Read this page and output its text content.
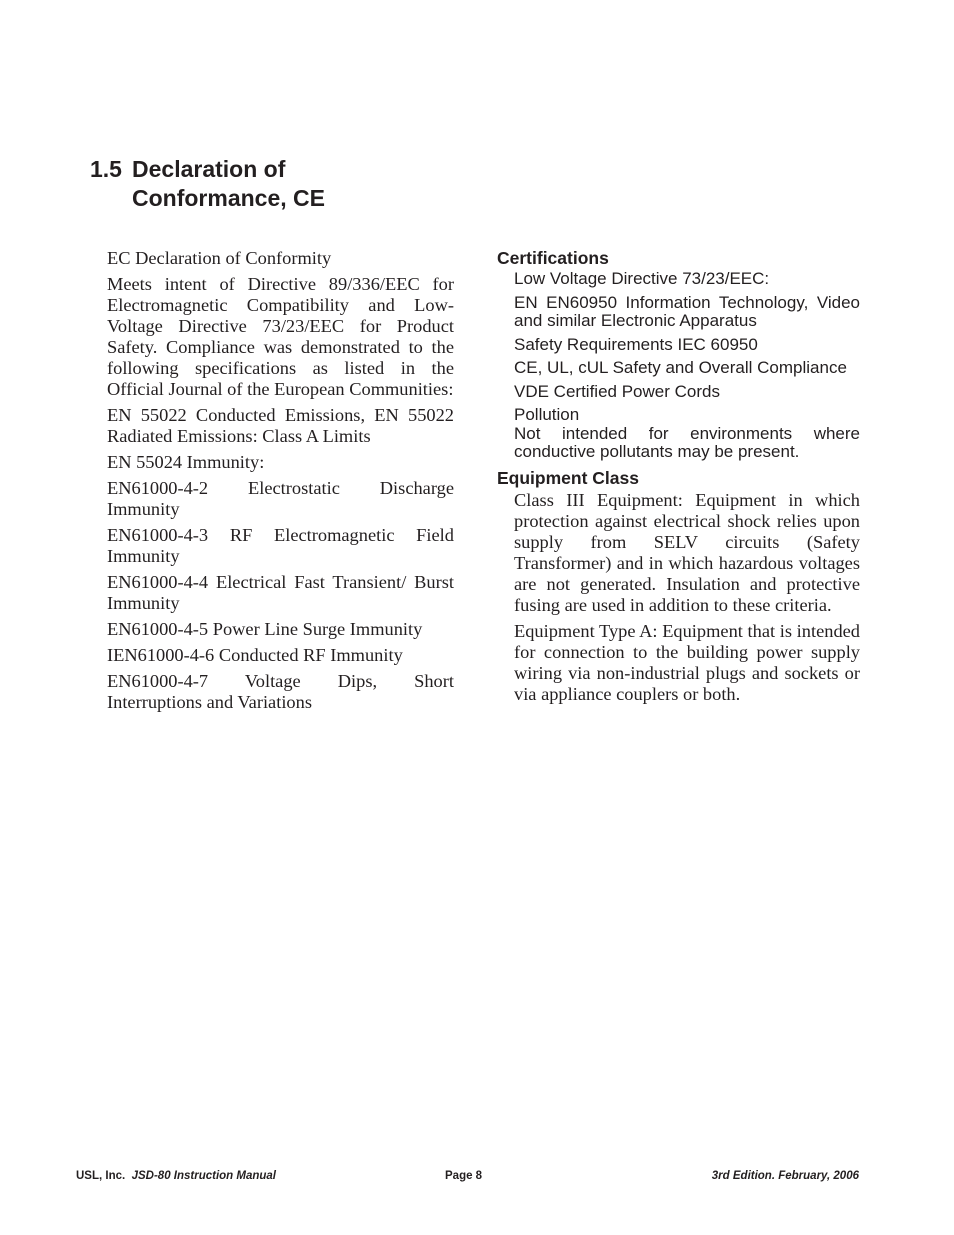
1.5 Declaration of
Conformance, CE

EC Declaration of Conformity

Meets intent of Directive 89/336/EEC for Electromagnetic Compatibility and Low-Voltage Directive 73/23/EEC for Product Safety. Compliance was demonstrated to the following specifications as listed in the Official Journal of the European Communities:

EN 55022 Conducted Emissions, EN 55022 Radiated Emissions: Class A Limits

EN 55024 Immunity:

EN61000-4-2 Electrostatic Discharge Immunity

EN61000-4-3 RF Electromagnetic Field Immunity

EN61000-4-4 Electrical Fast Transient/ Burst Immunity

EN61000-4-5 Power Line Surge Immunity

IEN61000-4-6 Conducted RF Immunity

EN61000-4-7 Voltage Dips, Short Interruptions and Variations

Certifications

Low Voltage Directive 73/23/EEC:

EN EN60950 Information Technology, Video and similar Electronic Apparatus

Safety Requirements IEC 60950

CE, UL, cUL Safety and Overall Compliance

VDE Certified Power Cords

Pollution

Not intended for environments where conductive pollutants may be present.

Equipment Class

Class III Equipment: Equipment in which protection against electrical shock relies upon supply from SELV circuits (Safety Transformer) and in which hazardous voltages are not generated. Insulation and protective fusing are used in addition to these criteria.

Equipment Type A: Equipment that is intended for connection to the building power supply wiring via non-industrial plugs and sockets or via appliance couplers or both.

USL, Inc. JSD-80 Instruction Manual	Page 8	3rd Edition. February, 2006
